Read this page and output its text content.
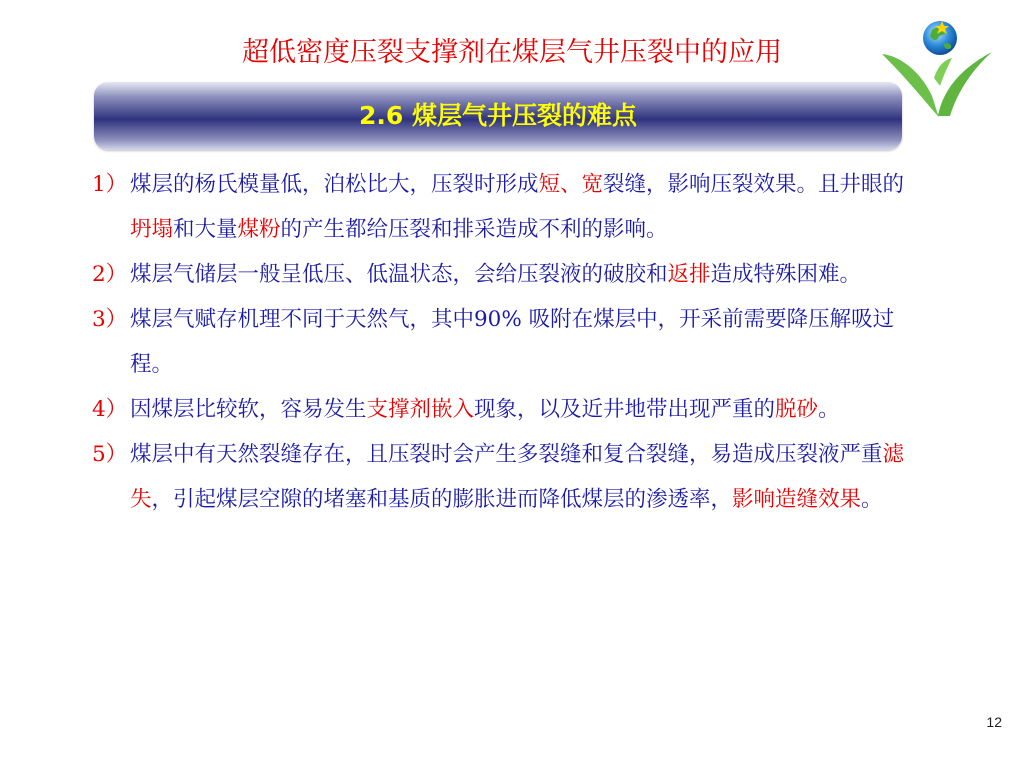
超低密度压裂支撑剂在煤层气井压裂中的应用
2.6 煤层气井压裂的难点
1） 煤层的杨氏模量低，泊松比大，压裂时形成短、宽裂缝，影响压裂效果。且井眼的坍塌和大量煤粉的产生都给压裂和排采造成不利的影响。
2） 煤层气储层一般呈低压、低温状态，会给压裂液的破胶和返排造成特殊困难。
3） 煤层气赋存机理不同于天然气，其中90% 吸附在煤层中，开采前需要降压解吸过程。
4） 因煤层比较软，容易发生支撑剂嵌入现象，以及近井地带出现严重的脱砂。
5） 煤层中有天然裂缝存在，且压裂时会产生多裂缝和复合裂缝，易造成压裂液严重滤失，引起煤层空隙的堵塞和基质的膨胀进而降低煤层的渗透率，影响造缝效果。
12
